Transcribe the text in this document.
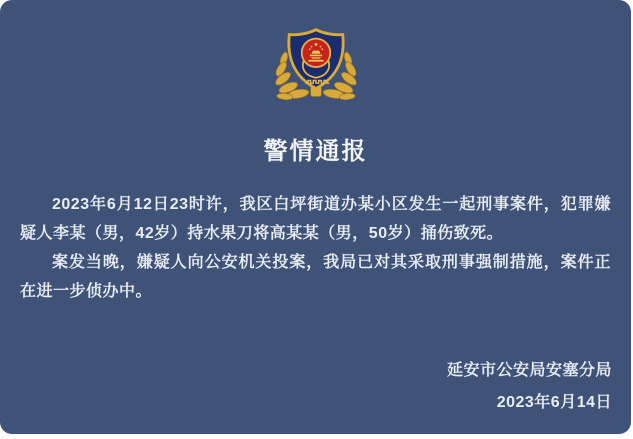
警情通报

2023年6月12日23时许，我区白坪街道办某小区发生一起刑事案件，犯罪嫌疑人李某（男，42岁）持水果刀将高某某（男，50岁）捅伤致死。

案发当晚，嫌疑人向公安机关投案，我局已对其采取刑事强制措施，案件正在进一步侦办中。

延安市公安局安塞分局
2023年6月14日
